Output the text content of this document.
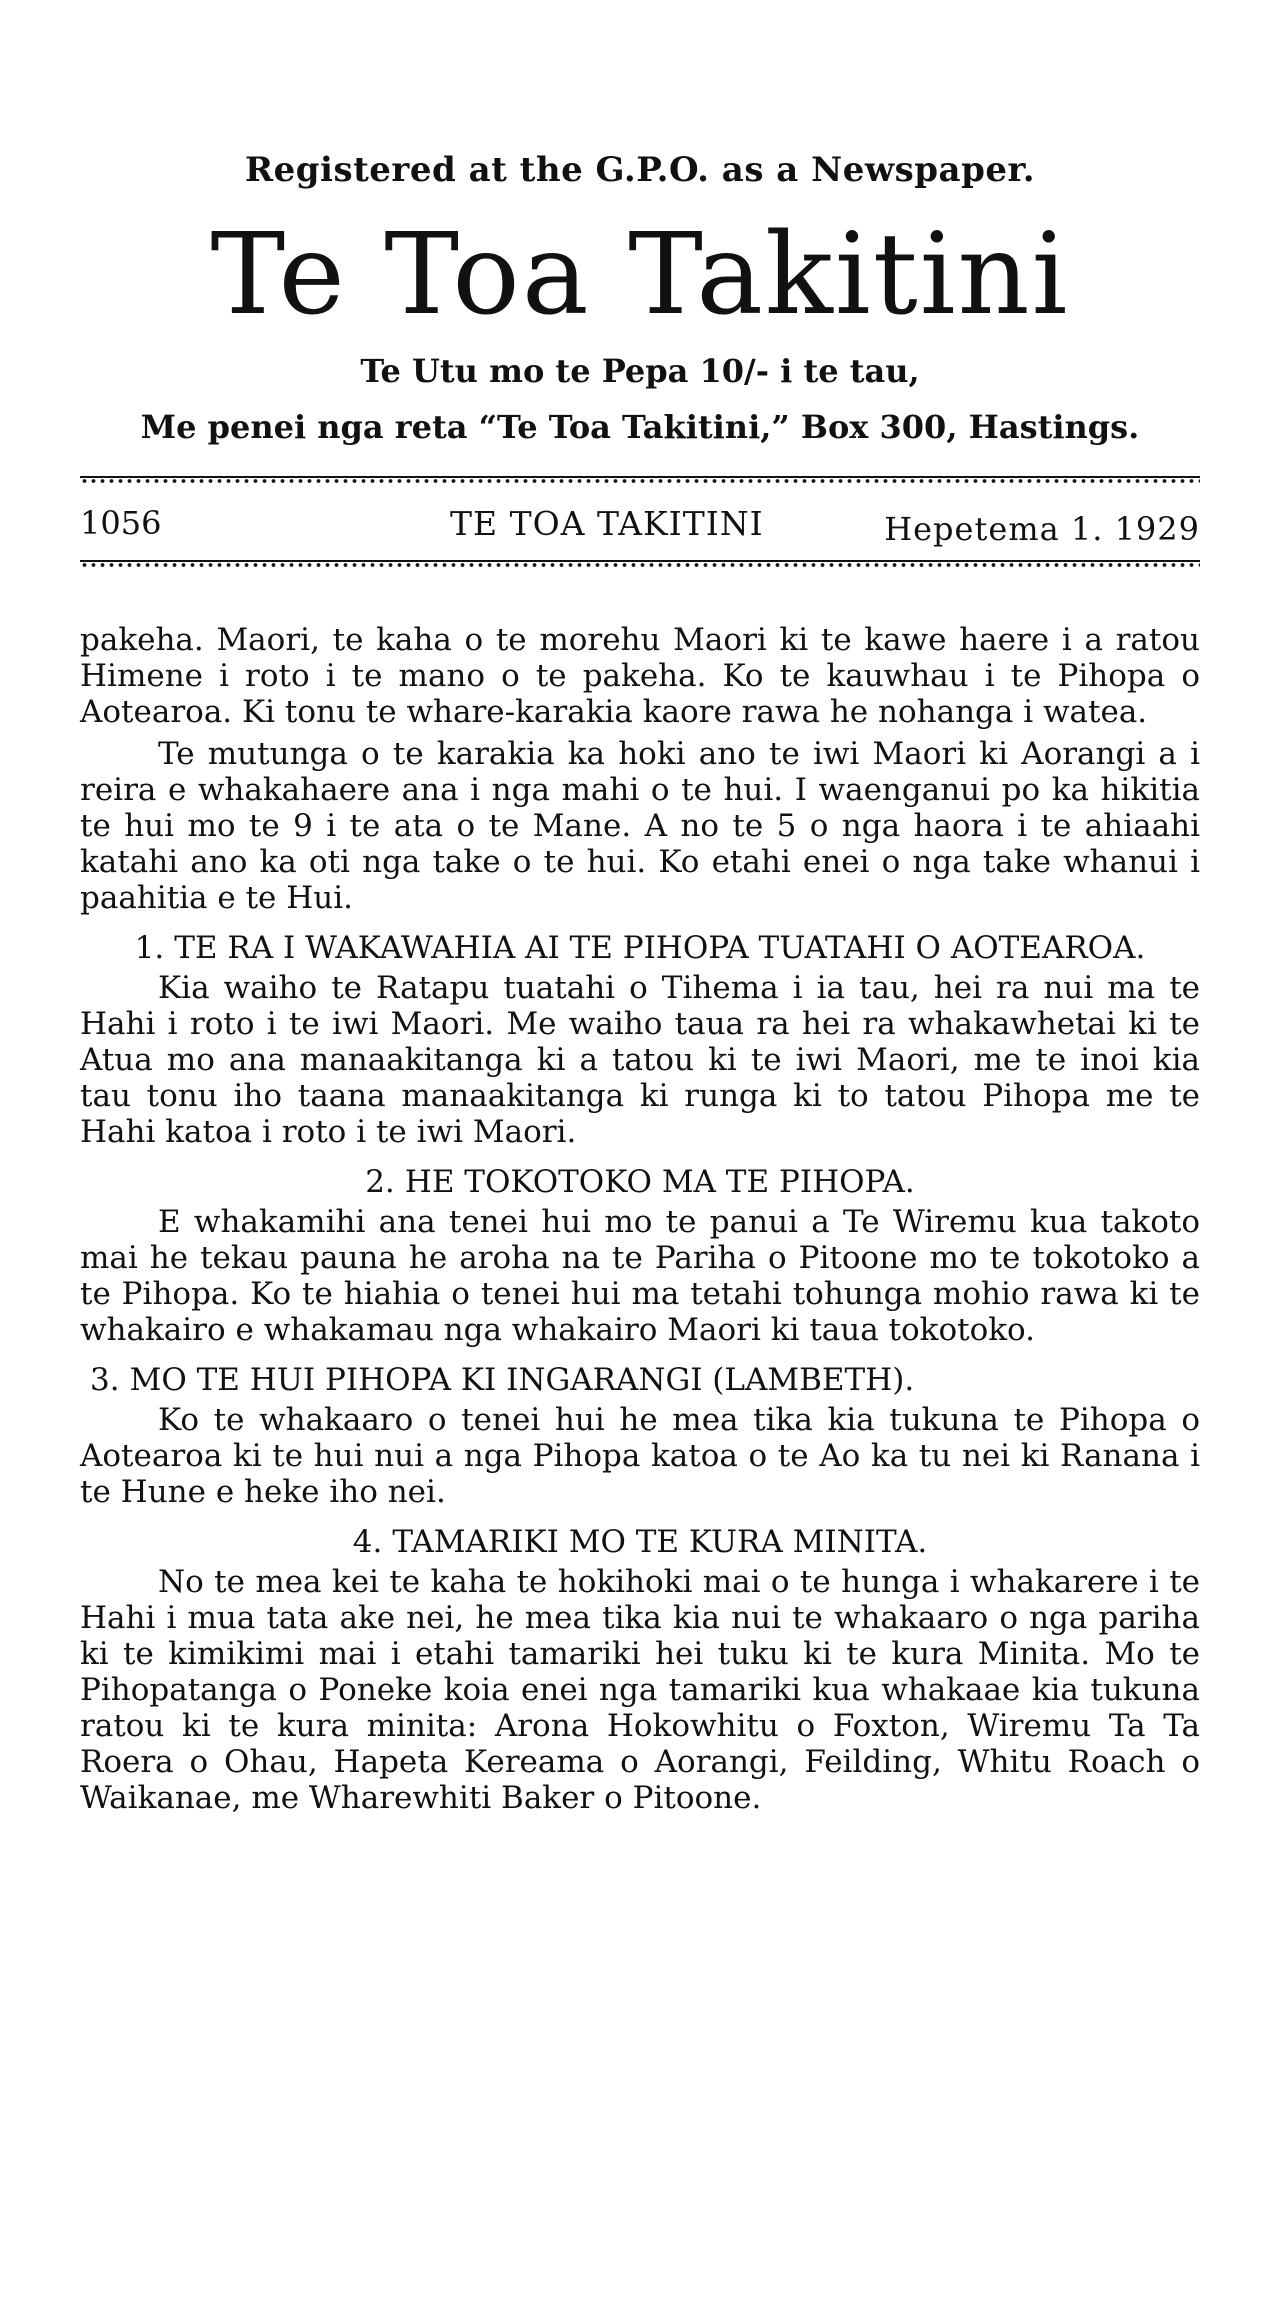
Registered at the G.P.O. as a Newspaper.
Te Toa Takitini
Te Utu mo te Pepa 10/- i te tau,
Me penei nga reta “Te Toa Takitini,” Box 300, Hastings.
1056	TE TOA TAKITINI	Hepetema 1. 1929

pakeha. Maori, te kaha o te morehu Maori ki te kawe haere i a ratou Himene i roto i te mano o te pakeha. Ko te kauwhau i te Pihopa o Aotearoa. Ki tonu te whare-karakia kaore rawa he nohanga i watea.

Te mutunga o te karakia ka hoki ano te iwi Maori ki Aorangi a i reira e whakahaere ana i nga mahi o te hui. I waenganui po ka hikitia te hui mo te 9 i te ata o te Mane. A no te 5 o nga haora i te ahiaahi katahi ano ka oti nga take o te hui. Ko etahi enei o nga take whanui i paahitia e te Hui.

1. TE RA I WAKAWAHIA AI TE PIHOPA TUATAHI O AOTEAROA.

Kia waiho te Ratapu tuatahi o Tihema i ia tau, hei ra nui ma te Hahi i roto i te iwi Maori. Me waiho taua ra hei ra whakawhetai ki te Atua mo ana manaakitanga ki a tatou ki te iwi Maori, me te inoi kia tau tonu iho taana manaakitanga ki runga ki to tatou Pihopa me te Hahi katoa i roto i te iwi Maori.

2. HE TOKOTOKO MA TE PIHOPA.

E whakamihi ana tenei hui mo te panui a Te Wiremu kua takoto mai he tekau pauna he aroha na te Pariha o Pitoone mo te tokotoko a te Pihopa. Ko te hiahia o tenei hui ma tetahi tohunga mohio rawa ki te whakairo e whakamau nga whakairo Maori ki taua tokotoko.

3. MO TE HUI PIHOPA KI INGARANGI (LAMBETH).

Ko te whakaaro o tenei hui he mea tika kia tukuna te Pihopa o Aotearoa ki te hui nui a nga Pihopa katoa o te Ao ka tu nei ki Ranana i te Hune e heke iho nei.

4. TAMARIKI MO TE KURA MINITA.

No te mea kei te kaha te hokihoki mai o te hunga i whakarere i te Hahi i mua tata ake nei, he mea tika kia nui te whakaaro o nga pariha ki te kimikimi mai i etahi tamariki hei tuku ki te kura Minita. Mo te Pihopatanga o Poneke koia enei nga tamariki kua whakaae kia tukuna ratou ki te kura minita: Arona Hokowhitu o Foxton, Wiremu Ta Ta Roera o Ohau, Hapeta Kereama o Aorangi, Feilding, Whitu Roach o Waikanae, me Wharewhiti Baker o Pitoone.
